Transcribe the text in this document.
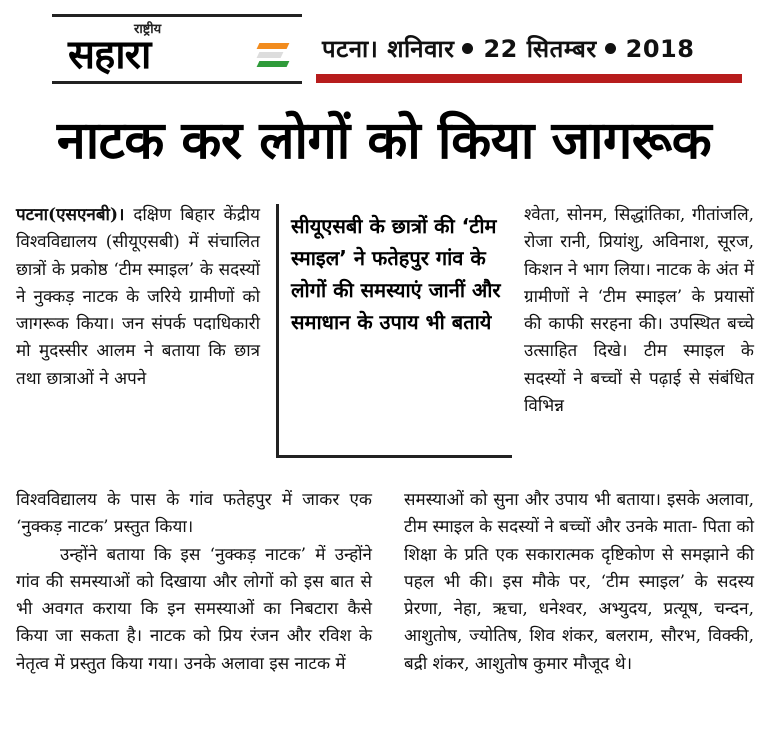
राष्ट्रीय
सहारा	पटना। शनिवार 22 सितम्बर 2018
नाटक कर लोगों को किया जागरूक

पटना(एसएनबी)। दक्षिण बिहार केंद्रीय विश्वविद्यालय (सीयूएसबी) में संचालित छात्रों के प्रकोष्ठ ‘टीम स्माइल’ के सदस्यों ने नुक्कड़ नाटक के जरिये ग्रामीणों को जागरूक किया। जन संपर्क पदाधिकारी मो मुदस्सीर आलम ने बताया कि छात्र तथा छात्राओं ने अपने

विश्वविद्यालय के पास के गांव फतेहपुर में जाकर एक ‘नुक्कड़ नाटक’ प्रस्तुत किया।

उन्होंने बताया कि इस ‘नुक्कड़ नाटक’ में उन्होंने गांव की समस्याओं को दिखाया और लोगों को इस बात से भी अवगत कराया कि इन समस्याओं का निबटारा कैसे किया जा सकता है। नाटक को प्रिय रंजन और रविश के नेतृत्व में प्रस्तुत किया गया। उनके अलावा इस नाटक में

सीयूएसबी के छात्रों की ‘टीम स्माइल’ ने फतेहपुर गांव के लोगों की समस्याएं जानीं और समाधान के उपाय भी बताये

श्वेता, सोनम, सिद्धांतिका, गीतांजलि, रोजा रानी, प्रियांशु, अविनाश, सूरज, किशन ने भाग लिया। नाटक के अंत में ग्रामीणों ने ‘टीम स्माइल’ के प्रयासों की काफी सरहना की। उपस्थित बच्चे उत्साहित दिखे। टीम स्माइल के सदस्यों ने बच्चों से पढ़ाई से संबंधित विभिन्न

समस्याओं को सुना और उपाय भी बताया। इसके अलावा, टीम स्माइल के सदस्यों ने बच्चों और उनके माता- पिता को शिक्षा के प्रति एक सकारात्मक दृष्टिकोण से समझाने की पहल भी की। इस मौके पर, ‘टीम स्माइल’ के सदस्य प्रेरणा, नेहा, ऋचा, धनेश्वर, अभ्युदय, प्रत्यूष, चन्दन, आशुतोष, ज्योतिष, शिव शंकर, बलराम, सौरभ, विक्की, बद्री शंकर, आशुतोष कुमार मौजूद थे।
